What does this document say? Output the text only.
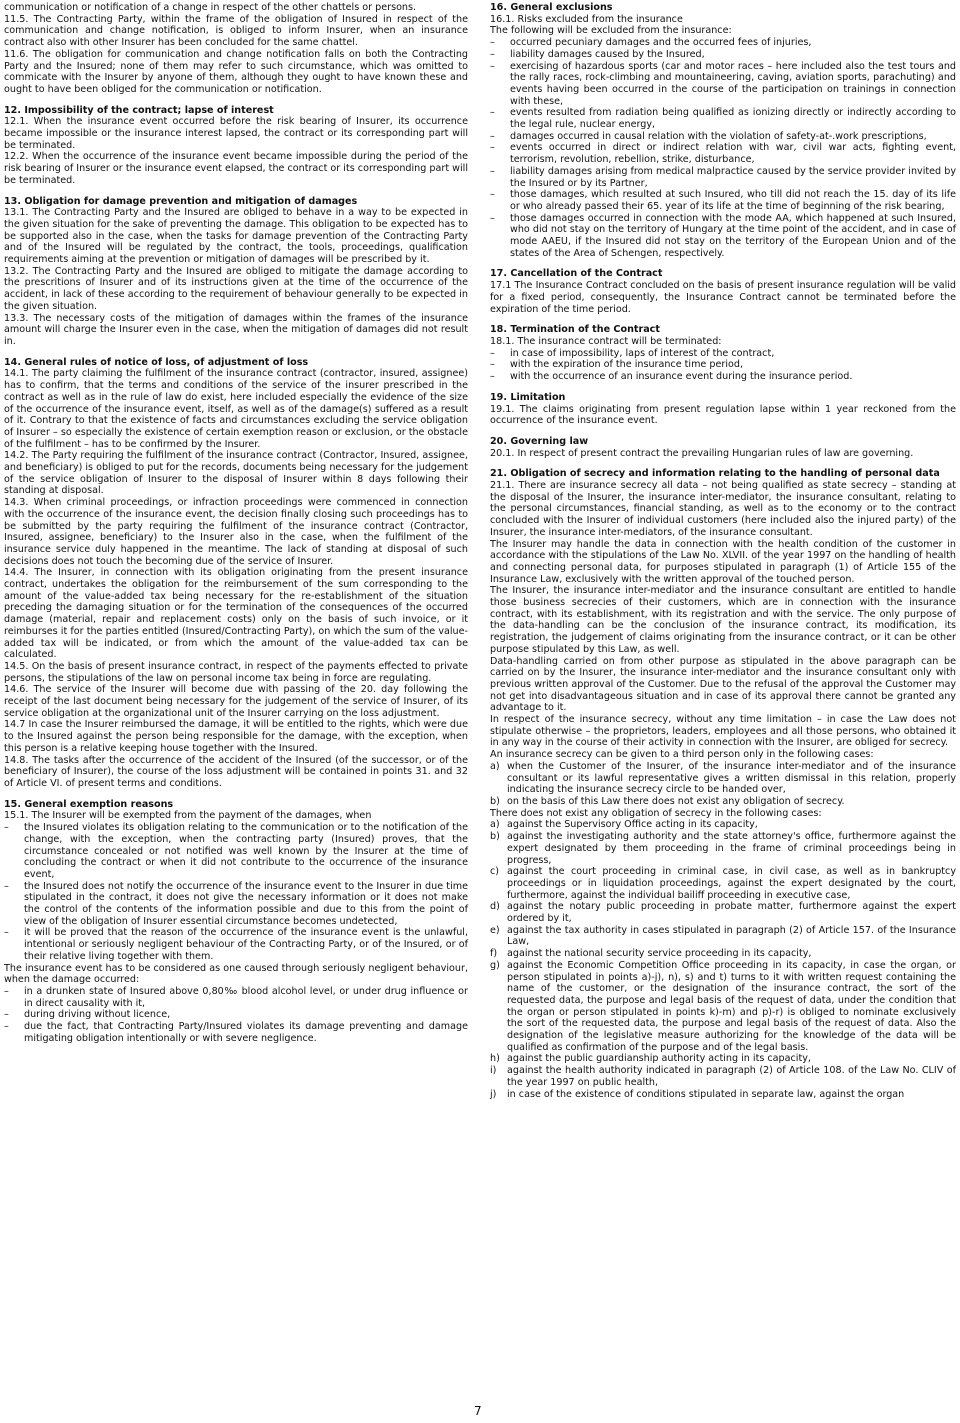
communication or notification of a change in respect of the other chattels or persons.

11.5. The Contracting Party, within the frame of the obligation of Insured in respect of the communication and change notification, is obliged to inform Insurer, when an insurance contract also with other Insurer has been concluded for the same chattel.

11.6. The obligation for communication and change notification falls on both the Contracting Party and the Insured; none of them may refer to such circumstance, which was omitted to commicate with the Insurer by anyone of them, although they ought to have known these and ought to have been obliged for the communication or notification.

12. Impossibility of the contract; lapse of interest

12.1. When the insurance event occurred before the risk bearing of Insurer, its occurrence became impossible or the insurance interest lapsed, the contract or its corresponding part will be terminated.

12.2. When the occurrence of the insurance event became impossible during the period of the risk bearing of Insurer or the insurance event elapsed, the contract or its corresponding part will be terminated.

13. Obligation for damage prevention and mitigation of damages

13.1. The Contracting Party and the Insured are obliged to behave in a way to be expected in the given situation for the sake of preventing the damage. This obligation to be expected has to be supported also in the case, when the tasks for damage prevention of the Contracting Party and of the Insured will be regulated by the contract, the tools, proceedings, qualification requirements aiming at the prevention or mitigation of damages will be prescribed by it.

13.2. The Contracting Party and the Insured are obliged to mitigate the damage according to the prescritions of Insurer and of its instructions given at the time of the occurrence of the accident, in lack of these according to the requirement of behaviour generally to be expected in the given situation.

13.3. The necessary costs of the mitigation of damages within the frames of the insurance amount will charge the Insurer even in the case, when the mitigation of damages did not result in.

14. General rules of notice of loss, of adjustment of loss

14.1. The party claiming the fulfilment of the insurance contract (contractor, insured, assignee) has to confirm, that the terms and conditions of the service of the insurer prescribed in the contract as well as in the rule of law do exist, here included especially the evidence of the size of the occurrence of the insurance event, itself, as well as of the damage(s) suffered as a result of it. Contrary to that the existence of facts and circumstances excluding the service obligation of Insurer – so especially the existence of certain exemption reason or exclusion, or the obstacle of the fulfilment – has to be confirmed by the Insurer.

14.2. The Party requiring the fulfilment of the insurance contract (Contractor, Insured, assignee, and beneficiary) is obliged to put for the records, documents being necessary for the judgement of the service obligation of Insurer to the disposal of Insurer within 8 days following their standing at disposal.

14.3. When criminal proceedings, or infraction proceedings were commenced in connection with the occurrence of the insurance event, the decision finally closing such proceedings has to be submitted by the party requiring the fulfilment of the insurance contract (Contractor, Insured, assignee, beneficiary) to the Insurer also in the case, when the fulfilment of the insurance service duly happened in the meantime. The lack of standing at disposal of such decisions does not touch the becoming due of the service of Insurer.

14.4. The Insurer, in connection with its obligation originating from the present insurance contract, undertakes the obligation for the reimbursement of the sum corresponding to the amount of the value-added tax being necessary for the re-establishment of the situation preceding the damaging situation or for the termination of the consequences of the occurred damage (material, repair and replacement costs) only on the basis of such invoice, or it reimburses it for the parties entitled (Insured/Contracting Party), on which the sum of the value-added tax will be indicated, or from which the amount of the value-added tax can be calculated.

14.5. On the basis of present insurance contract, in respect of the payments effected to private persons, the stipulations of the law on personal income tax being in force are regulating.

14.6. The service of the Insurer will become due with passing of the 20. day following the receipt of the last document being necessary for the judgement of the service of Insurer, of its service obligation at the organizational unit of the Insurer carrying on the loss adjustment.

14.7 In case the Insurer reimbursed the damage, it will be entitled to the rights, which were due to the Insured against the person being responsible for the damage, with the exception, when this person is a relative keeping house together with the Insured.

14.8. The tasks after the occurrence of the accident of the Insured (of the successor, or of the beneficiary of Insurer), the course of the loss adjustment will be contained in points 31. and 32 of Article VI. of present terms and conditions.

15. General exemption reasons

15.1. The Insurer will be exempted from the payment of the damages, when

– the Insured violates its obligation relating to the communication or to the notification of the change, with the exception, when the contracting party (Insured) proves, that the circumstance concealed or not notified was well known by the Insurer at the time of concluding the contract or when it did not contribute to the occurrence of the insurance event,
– the Insured does not notify the occurrence of the insurance event to the Insurer in due time stipulated in the contract, it does not give the necessary information or it does not make the control of the contents of the information possible and due to this from the point of view of the obligation of Insurer essential circumstance becomes undetected,
– it will be proved that the reason of the occurrence of the insurance event is the unlawful, intentional or seriously negligent behaviour of the Contracting Party, or of the Insured, or of their relative living together with them.

The insurance event has to be considered as one caused through seriously negligent behaviour, when the damage occurred:

– in a drunken state of Insured above 0,80‰ blood alcohol level, or under drug influence or in direct causality with it,
– during driving without licence,
– due the fact, that Contracting Party/Insured violates its damage preventing and damage mitigating obligation intentionally or with severe negligence.
16. General exclusions

16.1. Risks excluded from the insurance

The following will be excluded from the insurance:

– occurred pecuniary damages and the occurred fees of injuries,
– liability damages caused by the Insured,
– exercising of hazardous sports (car and motor races – here included also the test tours and the rally races, rock-climbing and mountaineering, caving, aviation sports, parachuting) and events having been occurred in the course of the participation on trainings in connection with these,
– events resulted from radiation being qualified as ionizing directly or indirectly according to the legal rule, nuclear energy,
– damages occurred in causal relation with the violation of safety-at-.work prescriptions,
– events occurred in direct or indirect relation with war, civil war acts, fighting event, terrorism, revolution, rebellion, strike, disturbance,
– liability damages arising from medical malpractice caused by the service provider invited by the Insured or by its Partner,
– those damages, which resulted at such Insured, who till did not reach the 15. day of its life or who already passed their 65. year of its life at the time of beginning of the risk bearing,
– those damages occurred in connection with the mode AA, which happened at such Insured, who did not stay on the territory of Hungary at the time point of the accident, and in case of mode AAEU, if the Insured did not stay on the territory of the European Union and of the states of the Area of Schengen, respectively.
17. Cancellation of the Contract

17.1 The Insurance Contract concluded on the basis of present insurance regulation will be valid for a fixed period, consequently, the Insurance Contract cannot be terminated before the expiration of the time period.

18. Termination of the Contract

18.1. The insurance contract will be terminated:

– in case of impossibility, laps of interest of the contract,
– with the expiration of the insurance time period,
– with the occurrence of an insurance event during the insurance period.
19. Limitation

19.1. The claims originating from present regulation lapse within 1 year reckoned from the occurrence of the insurance event.

20. Governing law

20.1. In respect of present contract the prevailing Hungarian rules of law are governing.

21. Obligation of secrecy and information relating to the handling of personal data

21.1. There are insurance secrecy all data – not being qualified as state secrecy – standing at the disposal of the Insurer, the insurance inter-mediator, the insurance consultant, relating to the personal circumstances, financial standing, as well as to the economy or to the contract concluded with the Insurer of individual customers (here included also the injured party) of the Insurer, the insurance inter-mediators, of the insurance consultant.

The Insurer may handle the data in connection with the health condition of the customer in accordance with the stipulations of the Law No. XLVII. of the year 1997 on the handling of health and connecting personal data, for purposes stipulated in paragraph (1) of Article 155 of the Insurance Law, exclusively with the written approval of the touched person.

The Insurer, the insurance inter-mediator and the insurance consultant are entitled to handle those business secrecies of their customers, which are in connection with the insurance contract, with its establishment, with its registration and with the service. The only purpose of the data-handling can be the conclusion of the insurance contract, its modification, its registration, the judgement of claims originating from the insurance contract, or it can be other purpose stipulated by this Law, as well.

Data-handling carried on from other purpose as stipulated in the above paragraph can be carried on by the Insurer, the insurance inter-mediator and the insurance consultant only with previous written approval of the Customer. Due to the refusal of the approval the Customer may not get into disadvantageous situation and in case of its approval there cannot be granted any advantage to it.

In respect of the insurance secrecy, without any time limitation – in case the Law does not stipulate otherwise – the proprietors, leaders, employees and all those persons, who obtained it in any way in the course of their activity in connection with the Insurer, are obliged for secrecy.

An insurance secrecy can be given to a third person only in the following cases:

a) when the Customer of the Insurer, of the insurance inter-mediator and of the insurance consultant or its lawful representative gives a written dismissal in this relation, properly indicating the insurance secrecy circle to be handed over,
b) on the basis of this Law there does not exist any obligation of secrecy.

There does not exist any obligation of secrecy in the following cases:

a) against the Supervisory Office acting in its capacity,
b) against the investigating authority and the state attorney's office, furthermore against the expert designated by them proceeding in the frame of criminal proceedings being in progress,
c) against the court proceeding in criminal case, in civil case, as well as in bankruptcy proceedings or in liquidation proceedings, against the expert designated by the court, furthermore, against the individual bailiff proceeding in executive case,
d) against the notary public proceeding in probate matter, furthermore against the expert ordered by it,
e) against the tax authority in cases stipulated in paragraph (2) of Article 157. of the Insurance Law,
f) against the national security service proceeding in its capacity,
g) against the Economic Competition Office proceeding in its capacity, in case the organ, or person stipulated in points a)-j), n), s) and t) turns to it with written request containing the name of the customer, or the designation of the insurance contract, the sort of the requested data, the purpose and legal basis of the request of data, under the condition that the organ or person stipulated in points k)-m) and p)-r) is obliged to nominate exclusively the sort of the requested data, the purpose and legal basis of the request of data. Also the designation of the legislative measure authorizing for the knowledge of the data will be qualified as confirmation of the purpose and of the legal basis.
h) against the public guardianship authority acting in its capacity,
i) against the health authority indicated in paragraph (2) of Article 108. of the Law No. CLIV of the year 1997 on public health,
j) in case of the existence of conditions stipulated in separate law, against the organ
7
